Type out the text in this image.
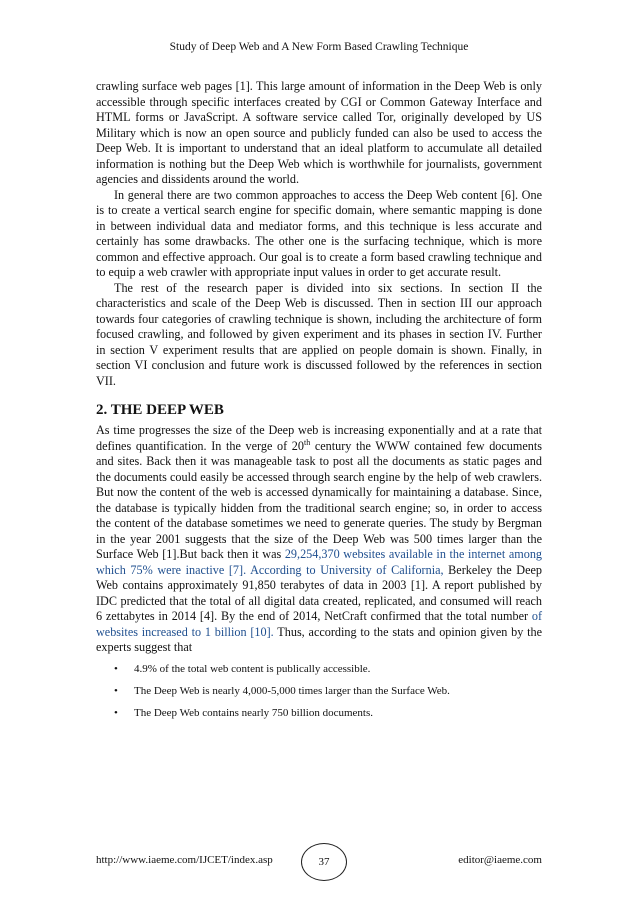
Study of Deep Web and A New Form Based Crawling Technique

crawling surface web pages [1]. This large amount of information in the Deep Web is only accessible through specific interfaces created by CGI or Common Gateway Interface and HTML forms or JavaScript. A software service called Tor, originally developed by US Military which is now an open source and publicly funded can also be used to access the Deep Web. It is important to understand that an ideal platform to accumulate all detailed information is nothing but the Deep Web which is worthwhile for journalists, government agencies and dissidents around the world.

In general there are two common approaches to access the Deep Web content [6]. One is to create a vertical search engine for specific domain, where semantic mapping is done in between individual data and mediator forms, and this technique is less accurate and certainly has some drawbacks. The other one is the surfacing technique, which is more common and effective approach. Our goal is to create a form based crawling technique and to equip a web crawler with appropriate input values in order to get accurate result.

The rest of the research paper is divided into six sections. In section II the characteristics and scale of the Deep Web is discussed. Then in section III our approach towards four categories of crawling technique is shown, including the architecture of form focused crawling, and followed by given experiment and its phases in section IV. Further in section V experiment results that are applied on people domain is shown. Finally, in section VI conclusion and future work is discussed followed by the references in section VII.

2. THE DEEP WEB

As time progresses the size of the Deep web is increasing exponentially and at a rate that defines quantification. In the verge of 20th century the WWW contained few documents and sites. Back then it was manageable task to post all the documents as static pages and the documents could easily be accessed through search engine by the help of web crawlers. But now the content of the web is accessed dynamically for maintaining a database. Since, the database is typically hidden from the traditional search engine; so, in order to access the content of the database sometimes we need to generate queries. The study by Bergman in the year 2001 suggests that the size of the Deep Web was 500 times larger than the Surface Web [1].But back then it was 29,254,370 websites available in the internet among which 75% were inactive [7]. According to University of California, Berkeley the Deep Web contains approximately 91,850 terabytes of data in 2003 [1]. A report published by IDC predicted that the total of all digital data created, replicated, and consumed will reach 6 zettabytes in 2014 [4]. By the end of 2014, NetCraft confirmed that the total number of websites increased to 1 billion [10]. Thus, according to the stats and opinion given by the experts suggest that

• 4.9% of the total web content is publically accessible.
• The Deep Web is nearly 4,000-5,000 times larger than the Surface Web.
• The Deep Web contains nearly 750 billion documents.
http://www.iaeme.com/IJCET/index.asp	37	editor@iaeme.com
